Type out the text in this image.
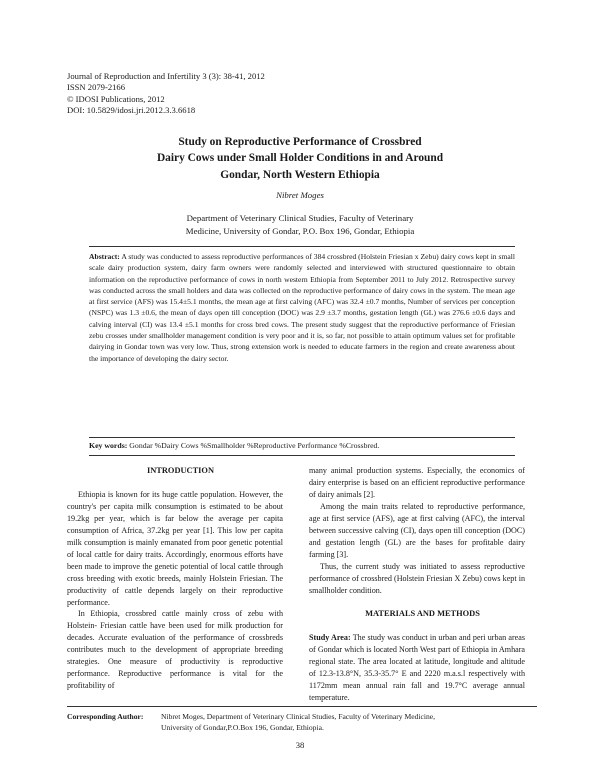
Journal of Reproduction and Infertility 3 (3): 38-41, 2012
ISSN 2079-2166
© IDOSI Publications, 2012
DOI: 10.5829/idosi.jri.2012.3.3.6618
Study on Reproductive Performance of Crossbred
Dairy Cows under Small Holder Conditions in and Around
Gondar, North Western Ethiopia
Nibret Moges
Department of Veterinary Clinical Studies, Faculty of Veterinary
Medicine, University of Gondar, P.O. Box 196, Gondar, Ethiopia
Abstract: A study was conducted to assess reproductive performances of 384 crossbred (Holstein Friesian x Zebu) dairy cows kept in small scale dairy production system, dairy farm owners were randomly selected and interviewed with structured questionnaire to obtain information on the reproductive performance of cows in north western Ethiopia from September 2011 to July 2012. Retrospective survey was conducted across the small holders and data was collected on the reproductive performance of dairy cows in the system. The mean age at first service (AFS) was 15.4±5.1 months, the mean age at first calving (AFC) was 32.4 ±0.7 months, Number of services per conception (NSPC) was 1.3 ±0.6, the mean of days open till conception (DOC) was 2.9 ±3.7 months, gestation length (GL) was 276.6 ±0.6 days and calving interval (CI) was 13.4 ±5.1 months for cross bred cows. The present study suggest that the reproductive performance of Friesian zebu crosses under smallholder management condition is very poor and it is, so far, not possible to attain optimum values set for profitable dairying in Gondar town was very low. Thus, strong extension work is needed to educate farmers in the region and create awareness about the importance of developing the dairy sector.
Key words: Gondar %Dairy Cows %Smallholder %Reproductive Performance %Crossbred.

INTRODUCTION

Ethiopia is known for its huge cattle population. However, the country's per capita milk consumption is estimated to be about 19.2kg per year, which is far below the average per capita consumption of Africa, 37.2kg per year [1]. This low per capita milk consumption is mainly emanated from poor genetic potential of local cattle for dairy traits. Accordingly, enormous efforts have been made to improve the genetic potential of local cattle through cross breeding with exotic breeds, mainly Holstein Friesian. The productivity of cattle depends largely on their reproductive performance.

In Ethiopia, crossbred cattle mainly cross of zebu with Holstein- Friesian cattle have been used for milk production for decades. Accurate evaluation of the performance of crossbreds contributes much to the development of appropriate breeding strategies. One measure of productivity is reproductive performance. Reproductive performance is vital for the profitability of

many animal production systems. Especially, the economics of dairy enterprise is based on an efficient reproductive performance of dairy animals [2].

Among the main traits related to reproductive performance, age at first service (AFS), age at first calving (AFC), the interval between successive calving (CI), days open till conception (DOC) and gestation length (GL) are the bases for profitable dairy farming [3].

Thus, the current study was initiated to assess reproductive performance of crossbred (Holstein Friesian X Zebu) cows kept in smallholder condition.

MATERIALS AND METHODS

Study Area: The study was conduct in urban and peri urban areas of Gondar which is located North West part of Ethiopia in Amhara regional state. The area located at latitude, longitude and altitude of 12.3-13.8°N, 35.3-35.7° E and 2220 m.a.s.l respectively with 1172mm mean annual rain fall and 19.7°C average annual temperature.

Corresponding Author: Nibret Moges, Department of Veterinary Clinical Studies, Faculty of Veterinary Medicine,
University of Gondar,P.O.Box 196, Gondar, Ethiopia.
38
